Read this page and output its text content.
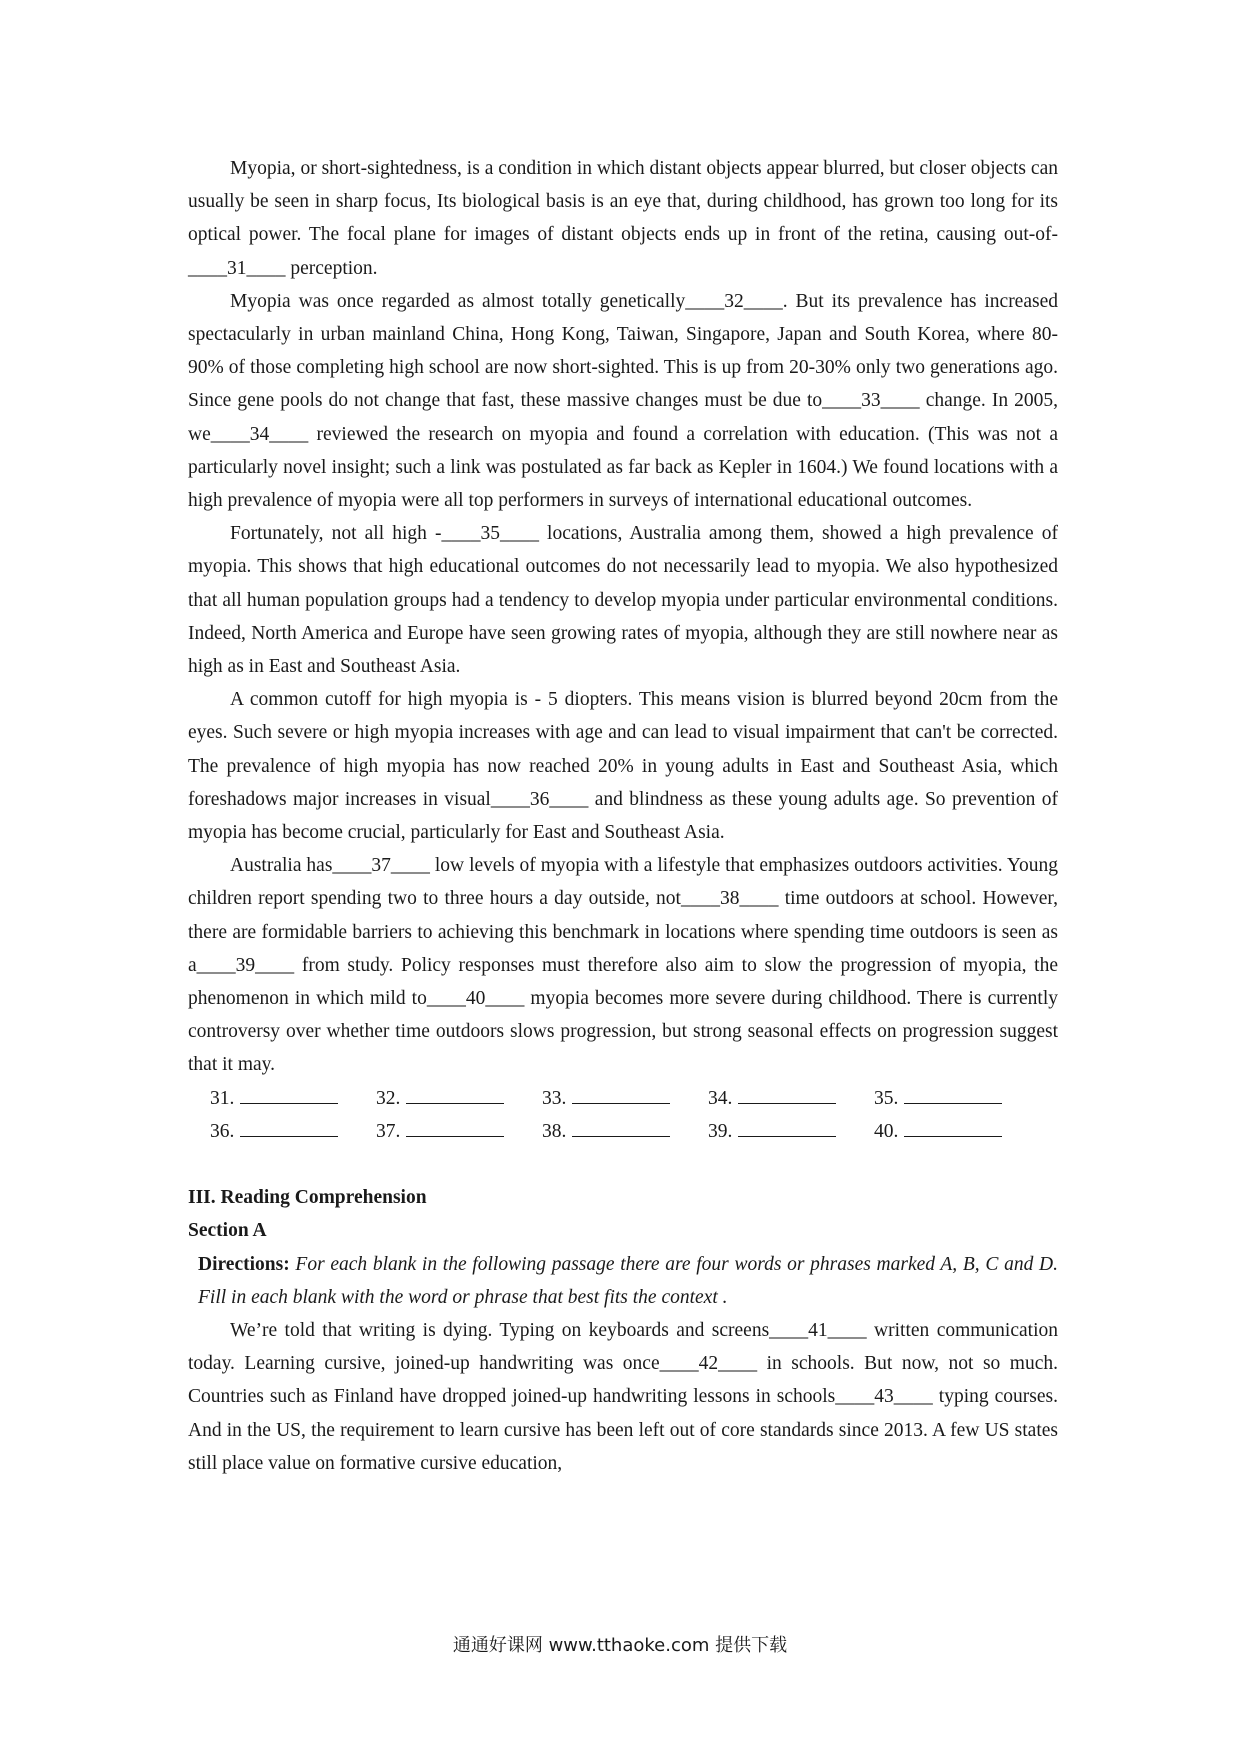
Myopia, or short-sightedness, is a condition in which distant objects appear blurred, but closer objects can usually be seen in sharp focus, Its biological basis is an eye that, during childhood, has grown too long for its optical power. The focal plane for images of distant objects ends up in front of the retina, causing out-of-____31____ perception.

Myopia was once regarded as almost totally genetically____32____. But its prevalence has increased spectacularly in urban mainland China, Hong Kong, Taiwan, Singapore, Japan and South Korea, where 80-90% of those completing high school are now short-sighted. This is up from 20-30% only two generations ago. Since gene pools do not change that fast, these massive changes must be due to____33____ change. In 2005, we____34____ reviewed the research on myopia and found a correlation with education. (This was not a particularly novel insight; such a link was postulated as far back as Kepler in 1604.) We found locations with a high prevalence of myopia were all top performers in surveys of international educational outcomes.

Fortunately, not all high -____35____ locations, Australia among them, showed a high prevalence of myopia. This shows that high educational outcomes do not necessarily lead to myopia. We also hypothesized that all human population groups had a tendency to develop myopia under particular environmental conditions. Indeed, North America and Europe have seen growing rates of myopia, although they are still nowhere near as high as in East and Southeast Asia.

A common cutoff for high myopia is - 5 diopters. This means vision is blurred beyond 20cm from the eyes. Such severe or high myopia increases with age and can lead to visual impairment that can't be corrected. The prevalence of high myopia has now reached 20% in young adults in East and Southeast Asia, which foreshadows major increases in visual____36____ and blindness as these young adults age. So prevention of myopia has become crucial, particularly for East and Southeast Asia.

Australia has____37____ low levels of myopia with a lifestyle that emphasizes outdoors activities. Young children report spending two to three hours a day outside, not____38____ time outdoors at school. However, there are formidable barriers to achieving this benchmark in locations where spending time outdoors is seen as a____39____ from study. Policy responses must therefore also aim to slow the progression of myopia, the phenomenon in which mild to____40____ myopia becomes more severe during childhood. There is currently controversy over whether time outdoors slows progression, but strong seasonal effects on progression suggest that it may.

31.	32.	33.	34.	35.
36.	37.	38.	39.	40.

III. Reading Comprehension

Section A

Directions: For each blank in the following passage there are four words or phrases marked A, B, C and D. Fill in each blank with the word or phrase that best fits the context .

We’re told that writing is dying. Typing on keyboards and screens____41____ written communication today. Learning cursive, joined-up handwriting was once____42____ in schools. But now, not so much. Countries such as Finland have dropped joined-up handwriting lessons in schools____43____ typing courses. And in the US, the requirement to learn cursive has been left out of core standards since 2013. A few US states still place value on formative cursive education,

通通好课网 www.tthaoke.com 提供下载
